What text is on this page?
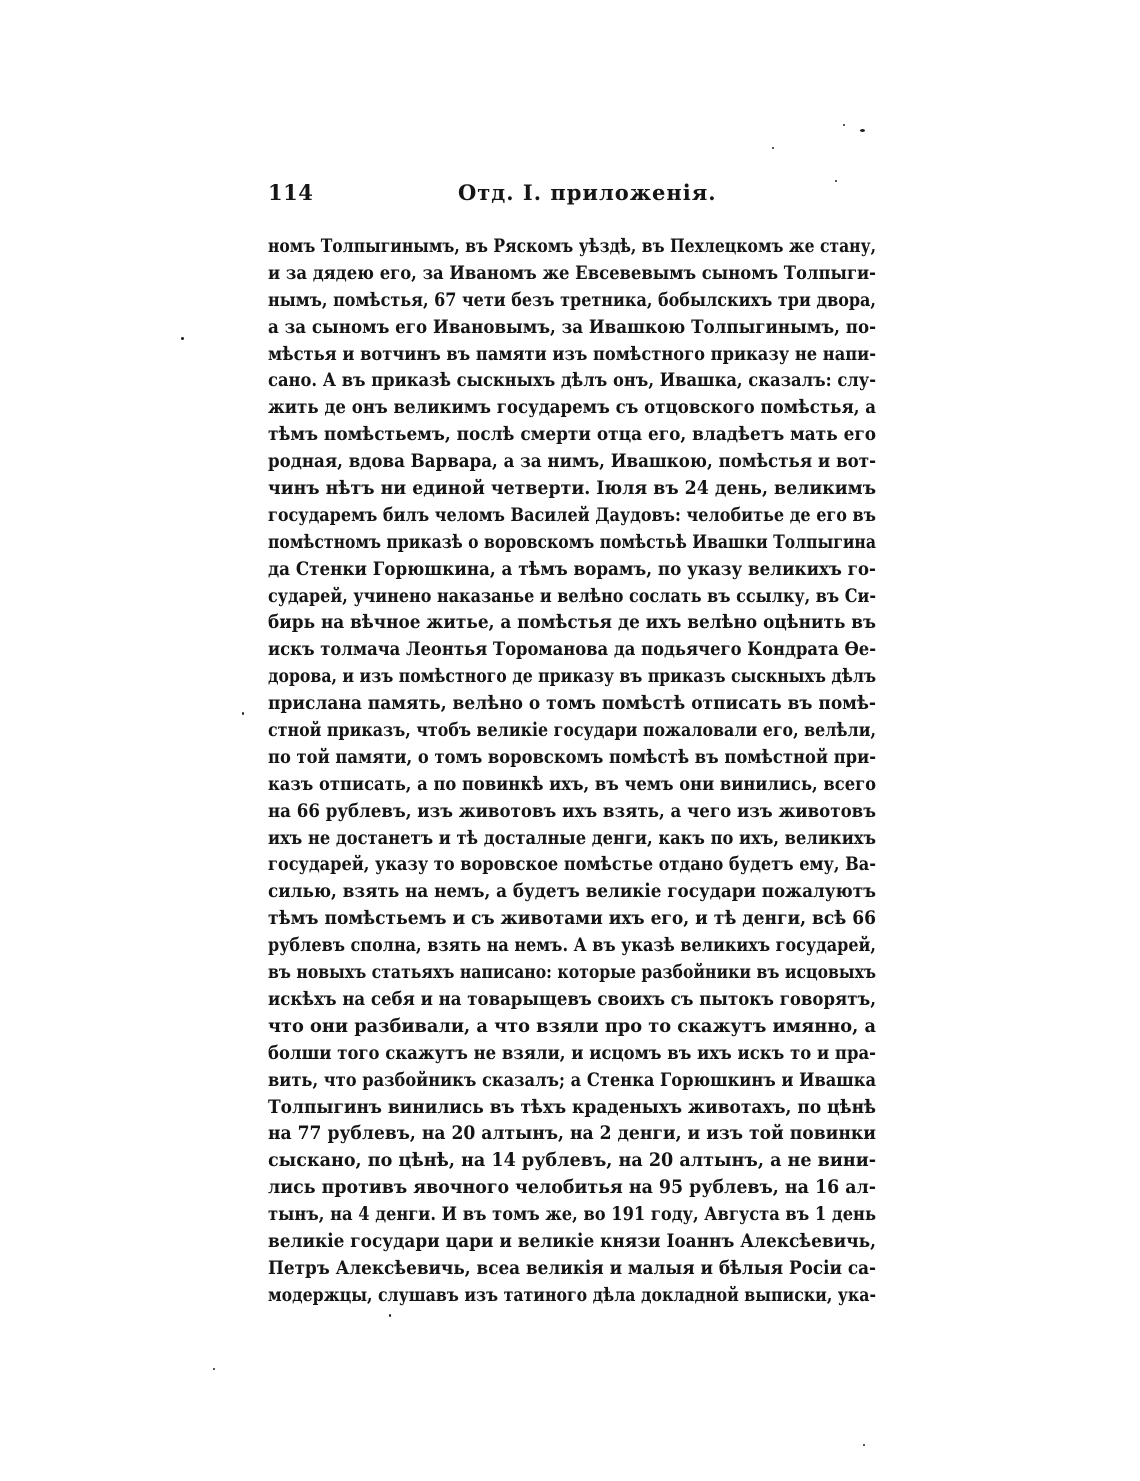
114	Отд. I. приложенія.
номъ Толпыгинымъ, въ Ряскомъ уѣздѣ, въ Пехлецкомъ же стану,
и за дядею его, за Иваномъ же Евсевевымъ сыномъ Толпыги-
нымъ, помѣстья, 67 чети безъ третника, бобылскихъ три двора,
а за сыномъ его Ивановымъ, за Ивашкою Толпыгинымъ, по-
мѣстья и вотчинъ въ памяти изъ помѣстного приказу не напи-
сано. А въ приказѣ сыскныхъ дѣлъ онъ, Ивашка, сказалъ: слу-
жить де онъ великимъ государемъ съ отцовского помѣстья, а
тѣмъ помѣстьемъ, послѣ смерти отца его, владѣетъ мать его
родная, вдова Варвара, а за нимъ, Ивашкою, помѣстья и вот-
чинъ нѣтъ ни единой четверти. Іюля въ 24 день, великимъ
государемъ билъ челомъ Василей Даудовъ: челобитье де его въ
помѣстномъ приказѣ о воровскомъ помѣстьѣ Ивашки Толпыгина
да Стенки Горюшкина, а тѣмъ ворамъ, по указу великихъ го-
сударей, учинено наказанье и велѣно сослать въ ссылку, въ Си-
бирь на вѣчное житье, а помѣстья де ихъ велѣно оцѣнить въ
искъ толмача Леонтья Торомaнова да подьячего Кондрата Ѳе-
дорова, и изъ помѣстного де приказу въ приказъ сыскныхъ дѣлъ
прислана память, велѣно о томъ помѣстѣ отписать въ помѣ-
стной приказъ, чтобъ великіе государи пожаловали его, велѣли,
по той памяти, о томъ воровскомъ помѣстѣ въ помѣстной при-
казъ отписать, а по повинкѣ ихъ, въ чемъ они винились, всего
на 66 рублевъ, изъ животовъ ихъ взять, а чего изъ животовъ
ихъ не достанетъ и тѣ досталные денги, какъ по ихъ, великихъ
государей, указу то воровское помѣстье отдано будетъ ему, Ва-
силью, взять на немъ, а будетъ великіе государи пожалуютъ
тѣмъ помѣстьемъ и съ животами ихъ его, и тѣ денги, всѣ 66
рублевъ сполна, взять на немъ. А въ указѣ великихъ государей,
въ новыхъ статьяхъ написано: которые разбойники въ исцовыхъ
искѣхъ на себя и на товарыщевъ своихъ съ пытокъ говорятъ,
что они разбивали, а что взяли про то скажутъ имянно, а
болши того скажутъ не взяли, и исцомъ въ ихъ искъ то и пра-
вить, что разбойникъ сказалъ; а Стенка Горюшкинъ и Ивашка
Толпыгинъ винились въ тѣхъ краденыхъ животахъ, по цѣнѣ
на 77 рублевъ, на 20 алтынъ, на 2 денги, и изъ той повинки
сыскано, по цѣнѣ, на 14 рублевъ, на 20 алтынъ, а не вини-
лись противъ явочного челобитья на 95 рублевъ, на 16 ал-
тынъ, на 4 денги. И въ томъ же, во 191 году, Августа въ 1 день
великіе государи цари и великіе князи Іоаннъ Алексѣевичь,
Петръ Алексѣевичь, всеа великія и малыя и бѣлыя Росіи са-
модержцы, слушавъ изъ татиного дѣла докладной выписки, ука-
